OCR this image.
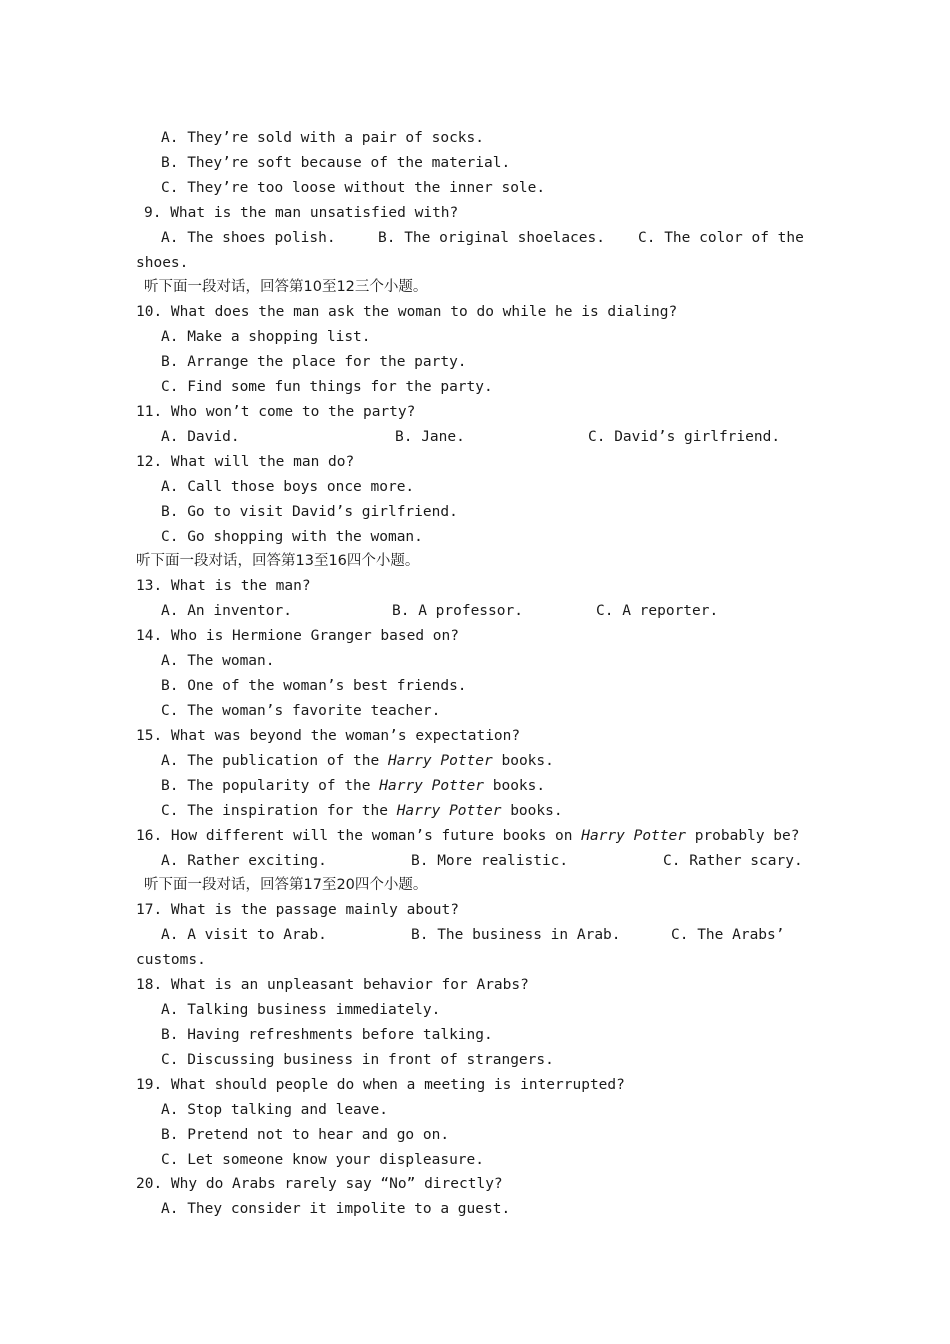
A. They’re sold with a pair of socks.
B. They’re soft because of the material.
C. They’re too loose without the inner sole.
9. What is the man unsatisfied with?
A. The shoes polish.	B. The original shoelaces. C. The color of the
shoes.
听下面一段对话，回答第10至12三个小题。
10. What does the man ask the woman to do while he is dialing?
A. Make a shopping list.
B. Arrange the place for the party.
C. Find some fun things for the party.
11. Who won’t come to the party?
A. David.	B. Jane.	C. David’s girlfriend.
12. What will the man do?
A. Call those boys once more.
B. Go to visit David’s girlfriend.
C. Go shopping with the woman.
听下面一段对话，回答第13至16四个小题。
13. What is the man?
A. An inventor.	B. A professor.	C. A reporter.
14. Who is Hermione Granger based on?
A. The woman.
B. One of the woman’s best friends.
C. The woman’s favorite teacher.
15. What was beyond the woman’s expectation?
A. The publication of the Harry Potter books.
B. The popularity of the Harry Potter books.
C. The inspiration for the Harry Potter books.
16. How different will the woman’s future books on Harry Potter probably be?
A. Rather exciting.	B. More realistic.	C. Rather scary.
听下面一段对话，回答第17至20四个小题。
17. What is the passage mainly about?
A. A visit to Arab.	B. The business in Arab.	C. The Arabs’
customs.
18. What is an unpleasant behavior for Arabs?
A. Talking business immediately.
B. Having refreshments before talking.
C. Discussing business in front of strangers.
19. What should people do when a meeting is interrupted?
A. Stop talking and leave.
B. Pretend not to hear and go on.
C. Let someone know your displeasure.
20. Why do Arabs rarely say “No” directly?
A. They consider it impolite to a guest.
